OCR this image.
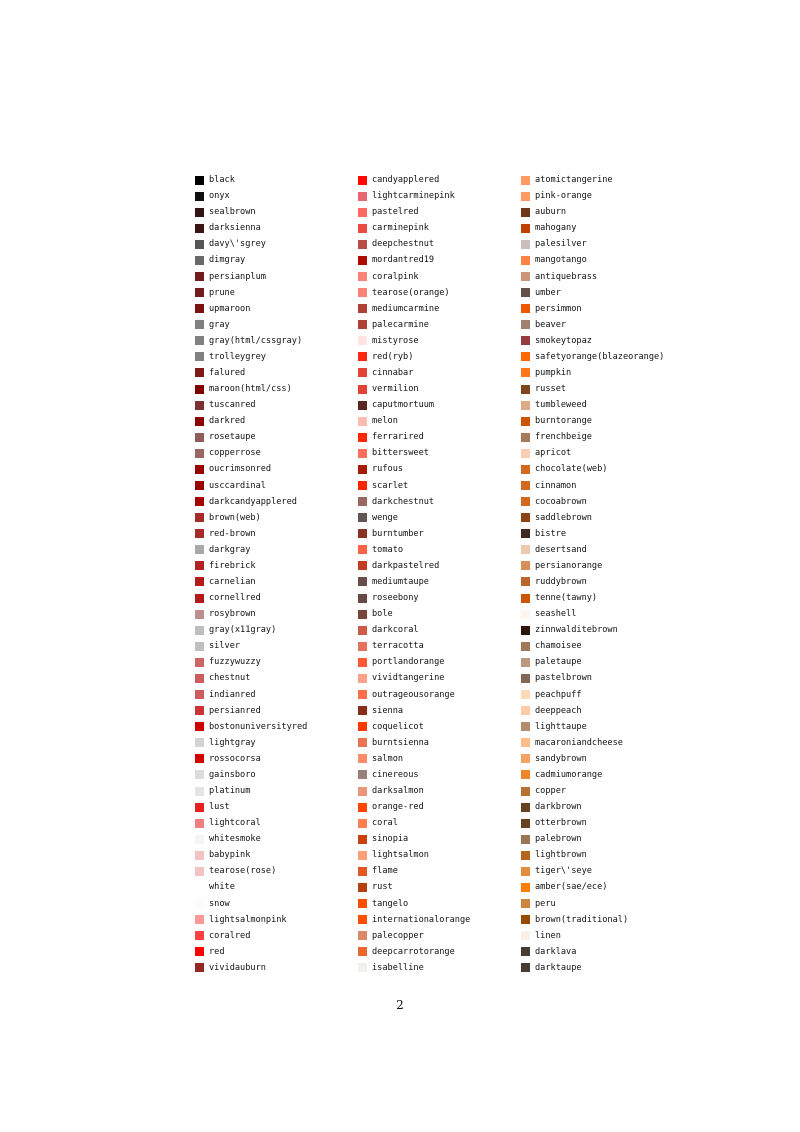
black
onyx
sealbrown
darksienna
davy\'sgrey
dimgray
persianplum
prune
upmaroon
gray
gray(html/cssgray)
trolleygrey
falured
maroon(html/css)
tuscanred
darkred
rosetaupe
copperrose
oucrimsonred
usccardinal
darkcandyapplered
brown(web)
red-brown
darkgray
firebrick
carnelian
cornellred
rosybrown
gray(x11gray)
silver
fuzzywuzzy
chestnut
indianred
persianred
bostonuniversityred
lightgray
rossocorsa
gainsboro
platinum
lust
lightcoral
whitesmoke
babypink
tearose(rose)
white
snow
lightsalmonpink
coralred
red
vividauburn
candyapplered
lightcarminepink
pastelred
carminepink
deepchestnut
mordantred19
coralpink
tearose(orange)
mediumcarmine
palecarmine
mistyrose
red(ryb)
cinnabar
vermilion
caputmortuum
melon
ferrarired
bittersweet
rufous
scarlet
darkchestnut
wenge
burntumber
tomato
darkpastelred
mediumtaupe
roseebony
bole
darkcoral
terracotta
portlandorange
vividtangerine
outrageousorange
sienna
coquelicot
burntsienna
salmon
cinereous
darksalmon
orange-red
coral
sinopia
lightsalmon
flame
rust
tangelo
internationalorange
palecopper
deepcarrotorange
isabelline
atomictangerine
pink-orange
auburn
mahogany
palesilver
mangotango
antiquebrass
umber
persimmon
beaver
smokeytopaz
safetyorange(blazeorange)
pumpkin
russet
tumbleweed
burntorange
frenchbeige
apricot
chocolate(web)
cinnamon
cocoabrown
saddlebrown
bistre
desertsand
persianorange
ruddybrown
tenne(tawny)
seashell
zinnwalditebrown
chamoisee
paletaupe
pastelbrown
peachpuff
deeppeach
lighttaupe
macaroniandcheese
sandybrown
cadmiumorange
copper
darkbrown
otterbrown
palebrown
lightbrown
tiger\'seye
amber(sae/ece)
peru
brown(traditional)
linen
darklava
darktaupe
2
